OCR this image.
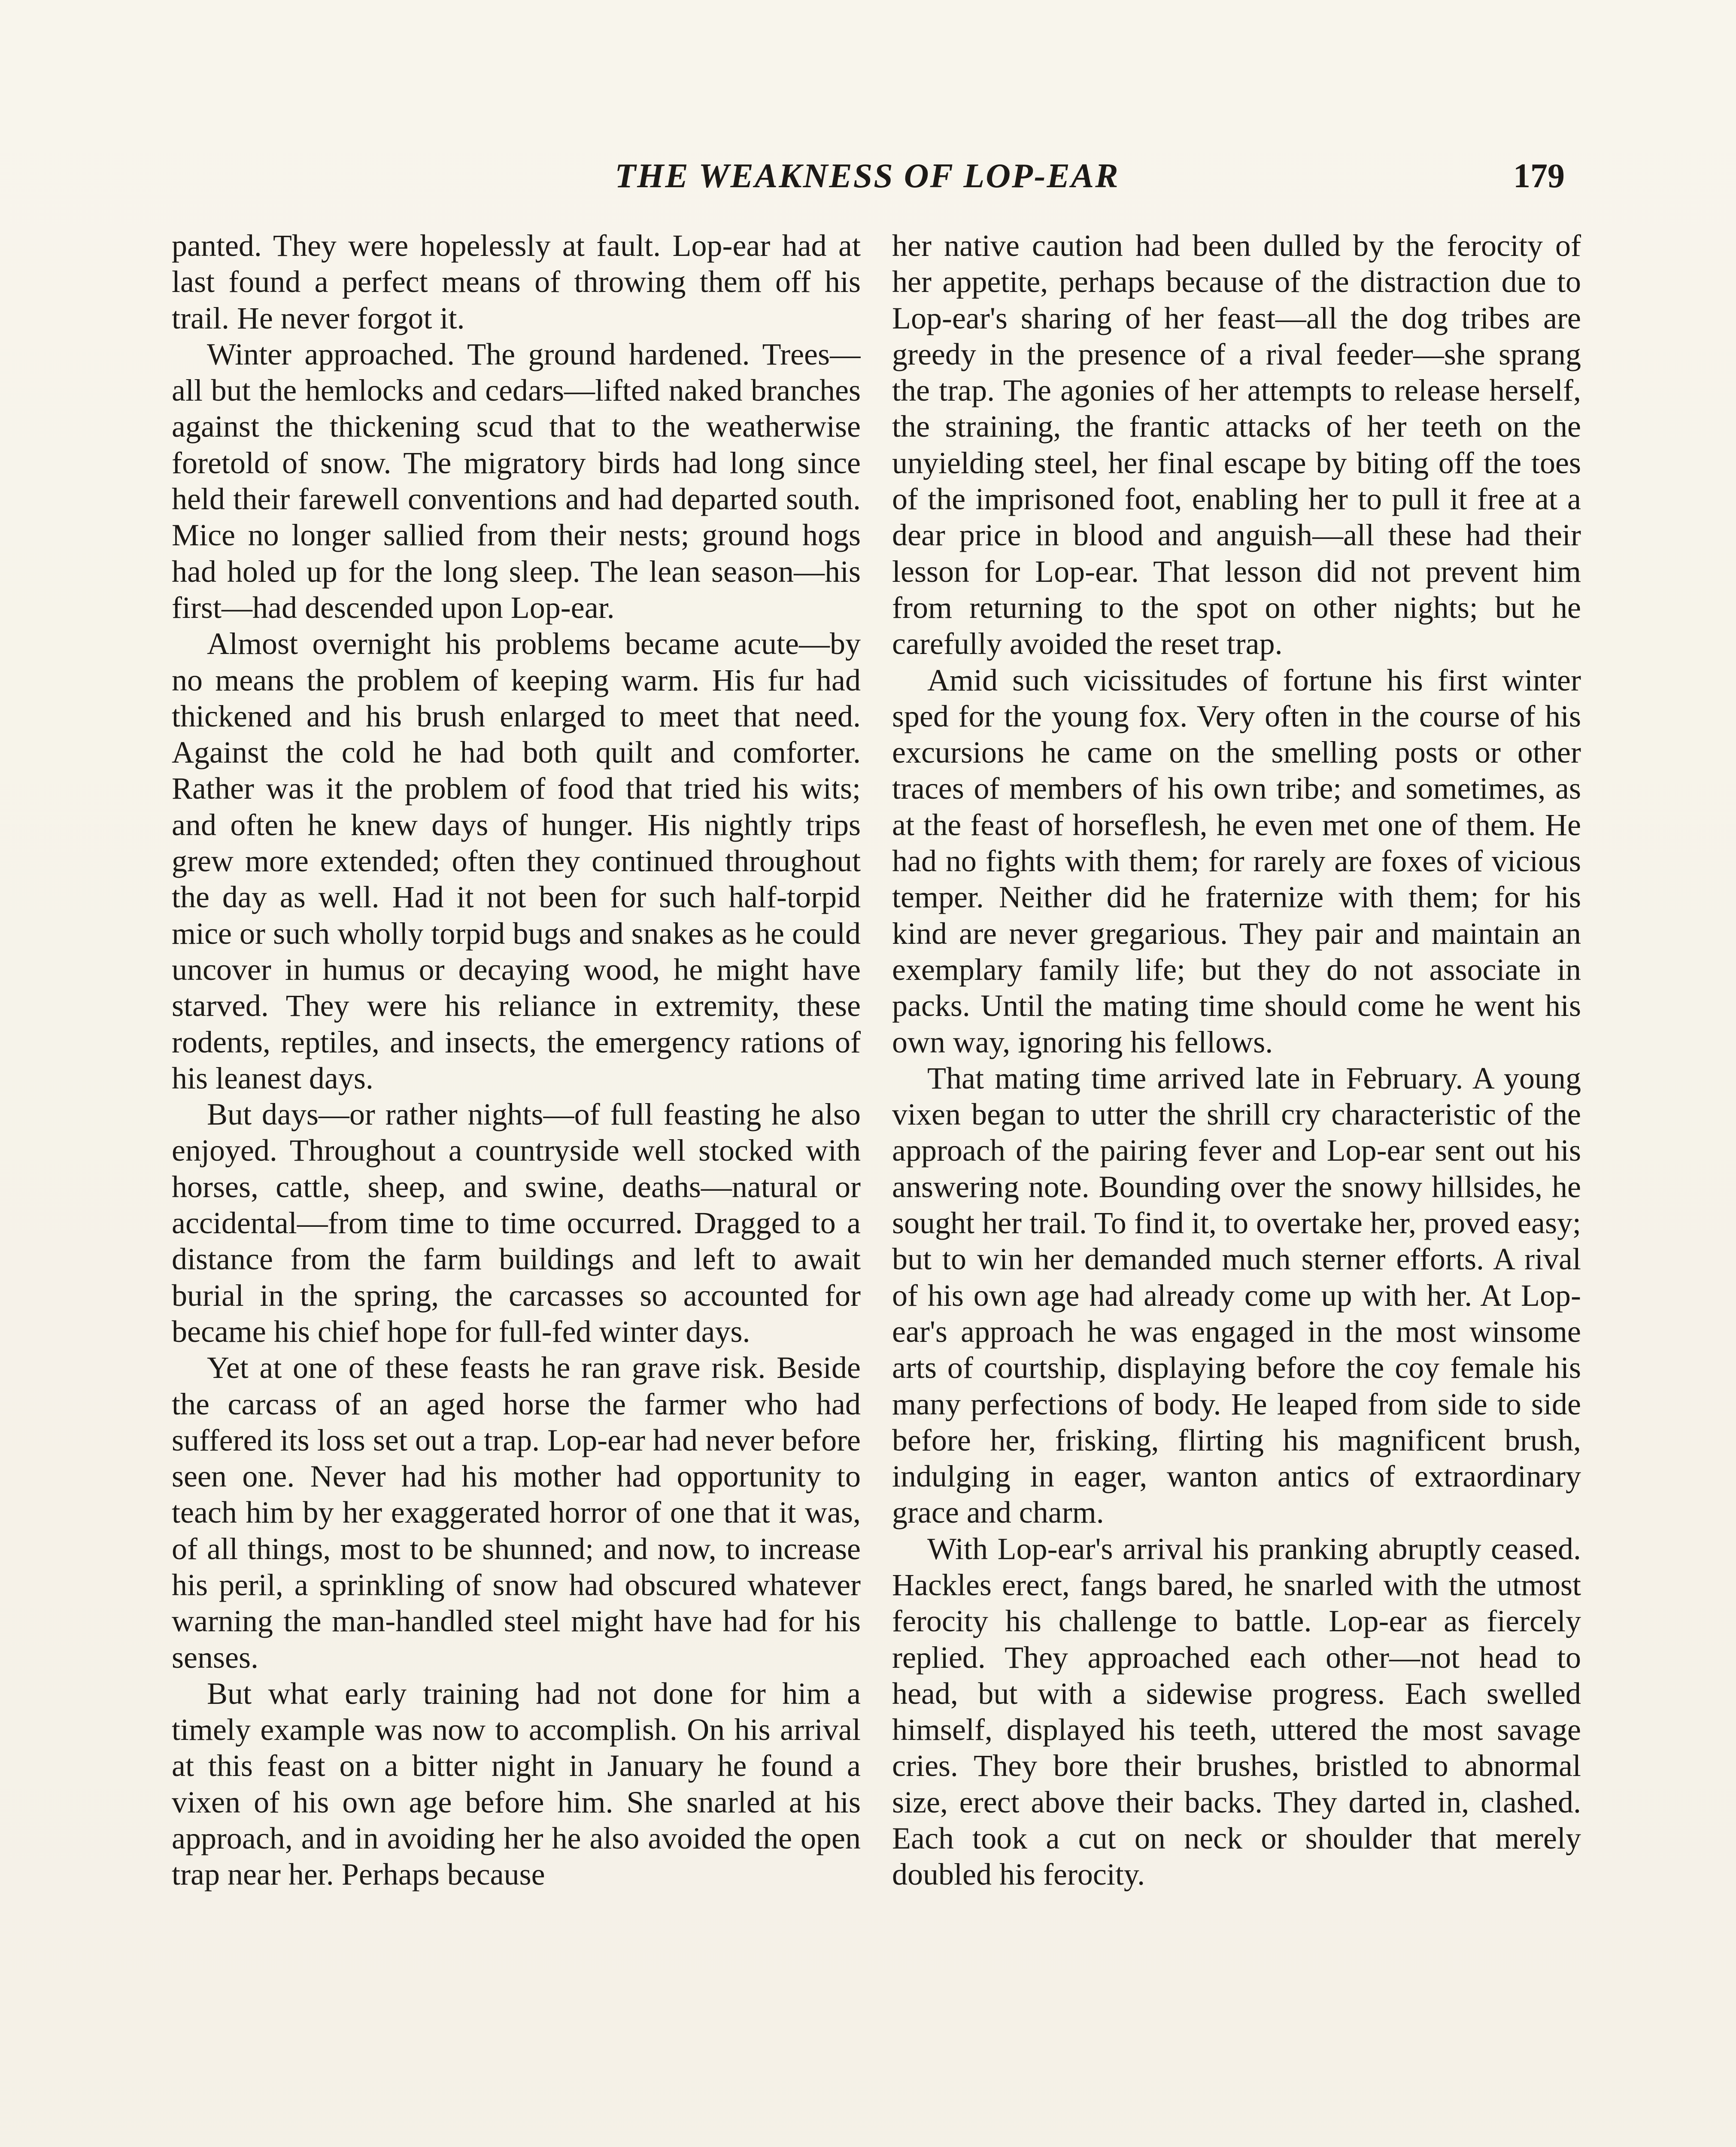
THE WEAKNESS OF LOP-EAR	179

panted. They were hopelessly at fault. Lop-ear had at last found a perfect means of throwing them off his trail. He never forgot it.

Winter approached. The ground hardened. Trees—all but the hemlocks and cedars—lifted naked branches against the thickening scud that to the weatherwise foretold of snow. The migratory birds had long since held their farewell conventions and had departed south. Mice no longer sallied from their nests; ground hogs had holed up for the long sleep. The lean season—his first—had descended upon Lop-ear.

Almost overnight his problems became acute—by no means the problem of keeping warm. His fur had thickened and his brush enlarged to meet that need. Against the cold he had both quilt and comforter. Rather was it the problem of food that tried his wits; and often he knew days of hunger. His nightly trips grew more extended; often they continued throughout the day as well. Had it not been for such half-torpid mice or such wholly torpid bugs and snakes as he could uncover in humus or decaying wood, he might have starved. They were his reliance in extremity, these rodents, reptiles, and insects, the emergency rations of his leanest days.

But days—or rather nights—of full feasting he also enjoyed. Throughout a countryside well stocked with horses, cattle, sheep, and swine, deaths—natural or accidental—from time to time occurred. Dragged to a distance from the farm buildings and left to await burial in the spring, the carcasses so accounted for became his chief hope for full-fed winter days.

Yet at one of these feasts he ran grave risk. Beside the carcass of an aged horse the farmer who had suffered its loss set out a trap. Lop-ear had never before seen one. Never had his mother had opportunity to teach him by her exaggerated horror of one that it was, of all things, most to be shunned; and now, to increase his peril, a sprinkling of snow had obscured whatever warning the man-handled steel might have had for his senses.

But what early training had not done for him a timely example was now to accomplish. On his arrival at this feast on a bitter night in January he found a vixen of his own age before him. She snarled at his approach, and in avoiding her he also avoided the open trap near her. Perhaps because

her native caution had been dulled by the ferocity of her appetite, perhaps because of the distraction due to Lop-ear's sharing of her feast—all the dog tribes are greedy in the presence of a rival feeder—she sprang the trap. The agonies of her attempts to release herself, the straining, the frantic attacks of her teeth on the unyielding steel, her final escape by biting off the toes of the imprisoned foot, enabling her to pull it free at a dear price in blood and anguish—all these had their lesson for Lop-ear. That lesson did not prevent him from returning to the spot on other nights; but he carefully avoided the reset trap.

Amid such vicissitudes of fortune his first winter sped for the young fox. Very often in the course of his excursions he came on the smelling posts or other traces of members of his own tribe; and sometimes, as at the feast of horseflesh, he even met one of them. He had no fights with them; for rarely are foxes of vicious temper. Neither did he fraternize with them; for his kind are never gregarious. They pair and maintain an exemplary family life; but they do not associate in packs. Until the mating time should come he went his own way, ignoring his fellows.

That mating time arrived late in February. A young vixen began to utter the shrill cry characteristic of the approach of the pairing fever and Lop-ear sent out his answering note. Bounding over the snowy hillsides, he sought her trail. To find it, to overtake her, proved easy; but to win her demanded much sterner efforts. A rival of his own age had already come up with her. At Lop-ear's approach he was engaged in the most winsome arts of courtship, displaying before the coy female his many perfections of body. He leaped from side to side before her, frisking, flirting his magnificent brush, indulging in eager, wanton antics of extraordinary grace and charm.

With Lop-ear's arrival his pranking abruptly ceased. Hackles erect, fangs bared, he snarled with the utmost ferocity his challenge to battle. Lop-ear as fiercely replied. They approached each other—not head to head, but with a sidewise progress. Each swelled himself, displayed his teeth, uttered the most savage cries. They bore their brushes, bristled to abnormal size, erect above their backs. They darted in, clashed. Each took a cut on neck or shoulder that merely doubled his ferocity.
